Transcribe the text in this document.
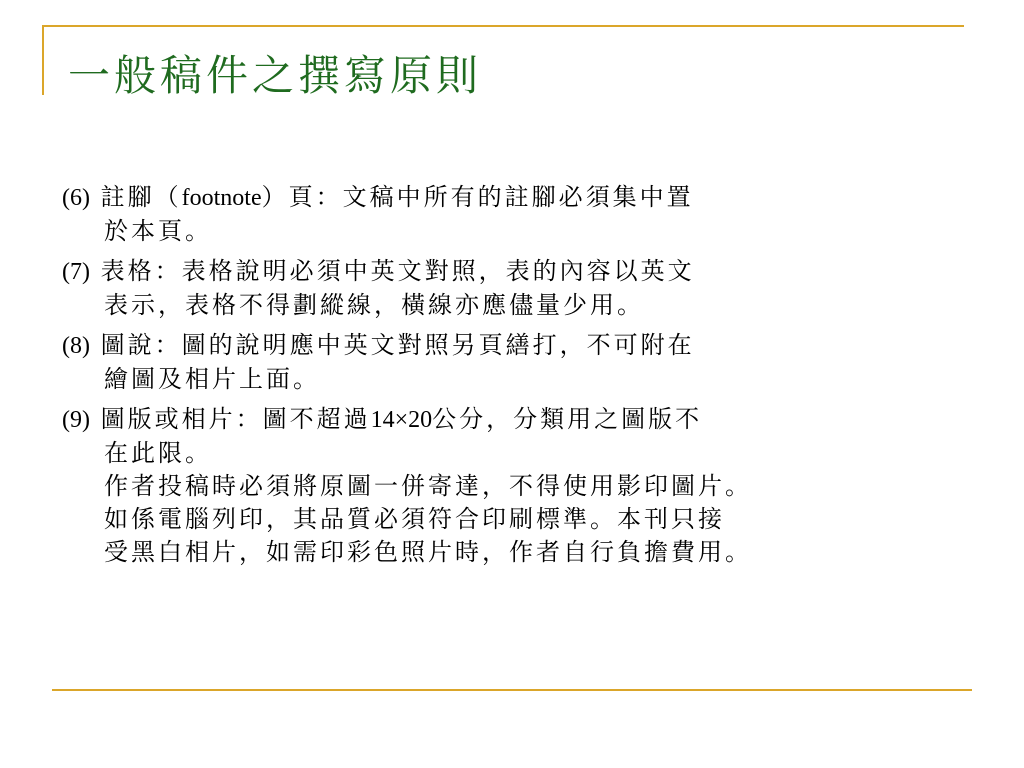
一般稿件之撰寫原則
(6) 註腳（footnote）頁：文稿中所有的註腳必須集中置
於本頁。
(7) 表格：表格說明必須中英文對照，表的內容以英文
表示，表格不得劃縱線，橫線亦應儘量少用。
(8) 圖說：圖的說明應中英文對照另頁繕打，不可附在
繪圖及相片上面。
(9) 圖版或相片：圖不超過14×20公分，分類用之圖版不
在此限。
作者投稿時必須將原圖一併寄達，不得使用影印圖片。
如係電腦列印，其品質必須符合印刷標準。本刊只接
受黑白相片，如需印彩色照片時，作者自行負擔費用。
